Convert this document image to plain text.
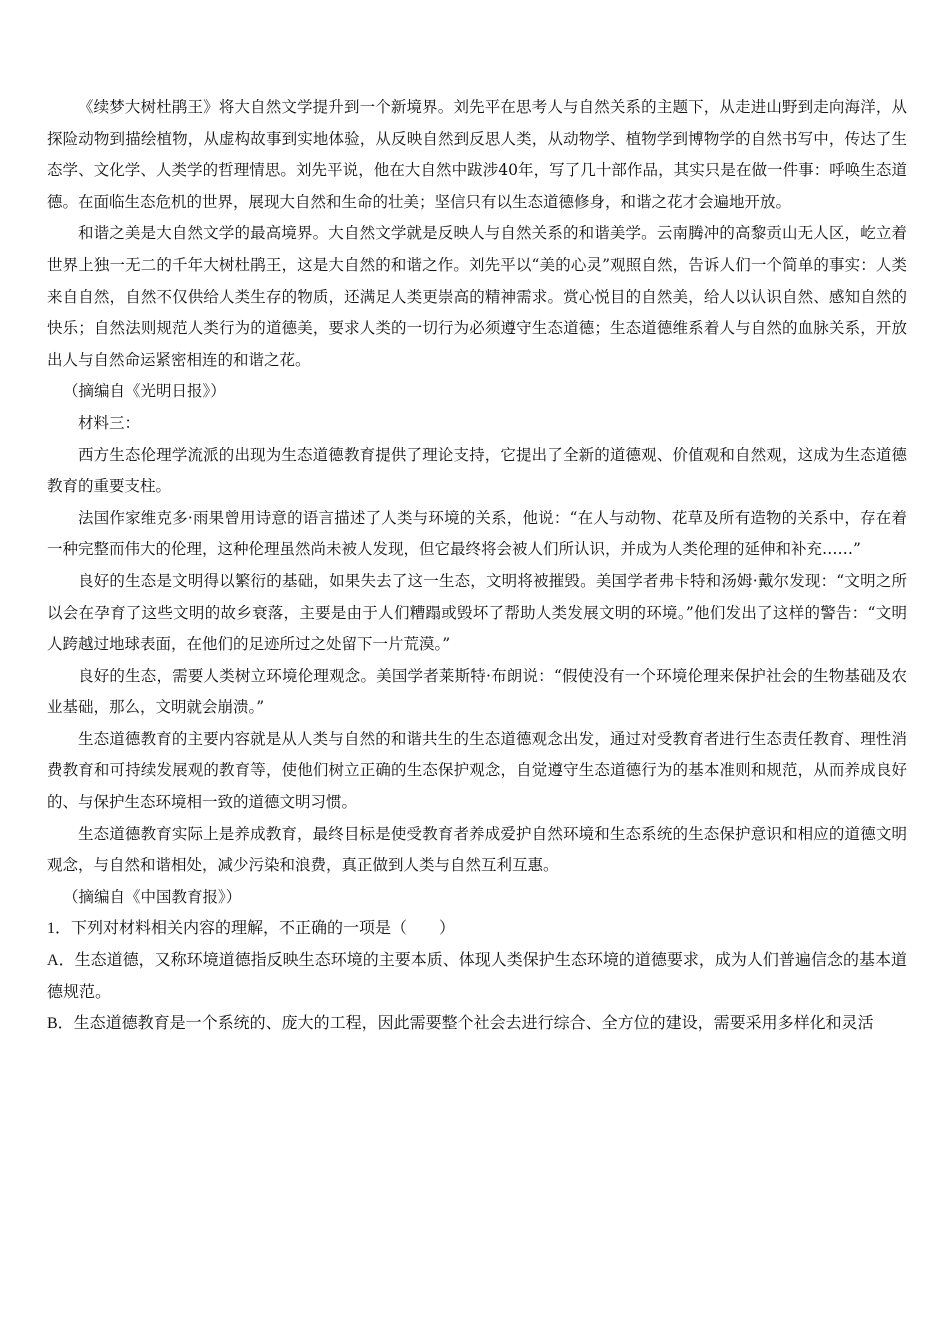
《续梦大树杜鹃王》将大自然文学提升到一个新境界。刘先平在思考人与自然关系的主题下，从走进山野到走向海洋，从探险动物到描绘植物，从虚构故事到实地体验，从反映自然到反思人类，从动物学、植物学到博物学的自然书写中，传达了生态学、文化学、人类学的哲理情思。刘先平说，他在大自然中跋涉40年，写了几十部作品，其实只是在做一件事：呼唤生态道德。在面临生态危机的世界，展现大自然和生命的壮美；坚信只有以生态道德修身，和谐之花才会遍地开放。

和谐之美是大自然文学的最高境界。大自然文学就是反映人与自然关系的和谐美学。云南腾冲的高黎贡山无人区，屹立着世界上独一无二的千年大树杜鹃王，这是大自然的和谐之作。刘先平以“美的心灵”观照自然，告诉人们一个简单的事实：人类来自自然，自然不仅供给人类生存的物质，还满足人类更崇高的精神需求。赏心悦目的自然美，给人以认识自然、感知自然的快乐；自然法则规范人类行为的道德美，要求人类的一切行为必须遵守生态道德；生态道德维系着人与自然的血脉关系，开放出人与自然命运紧密相连的和谐之花。

（摘编自《光明日报》）

材料三：

西方生态伦理学流派的出现为生态道德教育提供了理论支持，它提出了全新的道德观、价值观和自然观，这成为生态道德教育的重要支柱。

法国作家维克多·雨果曾用诗意的语言描述了人类与环境的关系，他说：“在人与动物、花草及所有造物的关系中，存在着一种完整而伟大的伦理，这种伦理虽然尚未被人发现，但它最终将会被人们所认识，并成为人类伦理的延伸和补充……”

良好的生态是文明得以繁衍的基础，如果失去了这一生态，文明将被摧毁。美国学者弗卡特和汤姆·戴尔发现：“文明之所以会在孕育了这些文明的故乡衰落，主要是由于人们糟蹋或毁坏了帮助人类发展文明的环境。”他们发出了这样的警告：“文明人跨越过地球表面，在他们的足迹所过之处留下一片荒漠。”

良好的生态，需要人类树立环境伦理观念。美国学者莱斯特·布朗说：“假使没有一个环境伦理来保护社会的生物基础及农业基础，那么，文明就会崩溃。”

生态道德教育的主要内容就是从人类与自然的和谐共生的生态道德观念出发，通过对受教育者进行生态责任教育、理性消费教育和可持续发展观的教育等，使他们树立正确的生态保护观念，自觉遵守生态道德行为的基本准则和规范，从而养成良好的、与保护生态环境相一致的道德文明习惯。

生态道德教育实际上是养成教育，最终目标是使受教育者养成爱护自然环境和生态系统的生态保护意识和相应的道德文明观念，与自然和谐相处，减少污染和浪费，真正做到人类与自然互利互惠。

（摘编自《中国教育报》）

1．下列对材料相关内容的理解，不正确的一项是（　　）

A．生态道德，又称环境道德指反映生态环境的主要本质、体现人类保护生态环境的道德要求，成为人们普遍信念的基本道德规范。

B．生态道德教育是一个系统的、庞大的工程，因此需要整个社会去进行综合、全方位的建设，需要采用多样化和灵活
